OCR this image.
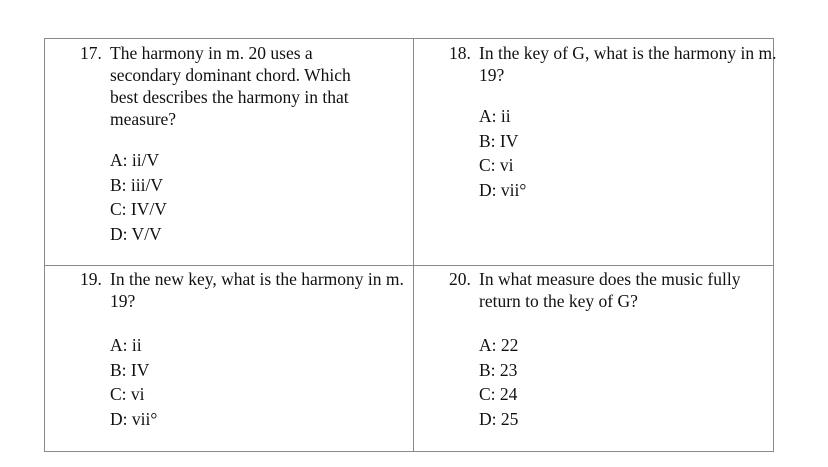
17. The harmony in m. 20 uses a secondary dominant chord. Which best describes the harmony in that measure?
A: ii/V
B: iii/V
C: IV/V
D: V/V
18. In the key of G, what is the harmony in m. 19?
A: ii
B: IV
C: vi
D: vii°
19. In the new key, what is the harmony in m. 19?
A: ii
B: IV
C: vi
D: vii°
20. In what measure does the music fully return to the key of G?
A: 22
B: 23
C: 24
D: 25
